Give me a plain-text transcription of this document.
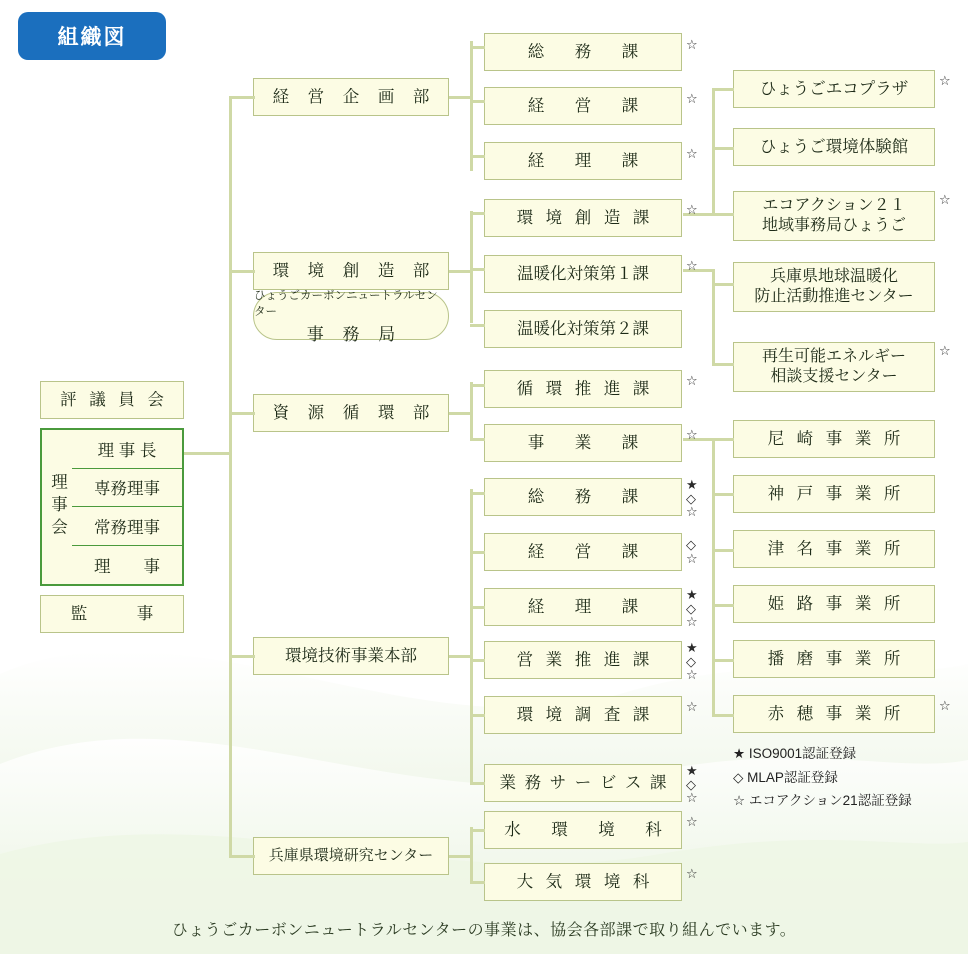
組織図
評 議 員 会
理事会
理 事 長
専務理事
常務理事
理　　事
監　　　事
経 営 企 画 部
環 境 創 造 部
ひょうごカーボンニュートラルセンター
事 務 局
資 源 循 環 部
環境技術事業本部
兵庫県環境研究センター
総　務　課	☆
経　営　課	☆
経　理　課	☆
環 境 創 造 課	☆
温暖化対策第１課	☆
温暖化対策第２課
循 環 推 進 課	☆
事　業　課	☆
総　務　課
★
◇
☆
経　営　課	◇
☆
経　理　課
★
◇
☆
営 業 推 進 課
★
◇
☆
環 境 調 査 課	☆
業 務 サ ー ビ ス 課
★
◇
☆
水　環　境　科	☆
大 気 環 境 科	☆
ひょうごエコプラザ	☆
ひょうご環境体験館
エコアクション２１
地域事務局ひょうご
☆
兵庫県地球温暖化
防止活動推進センター
再生可能エネルギー
相談支援センター
☆
尼 崎 事 業 所
神 戸 事 業 所
津 名 事 業 所
姫 路 事 業 所
播 磨 事 業 所
赤 穂 事 業 所	☆
★ ISO9001認証登録
◇ MLAP認証登録
☆ エコアクション21認証登録
ひょうごカーボンニュートラルセンターの事業は、協会各部課で取り組んでいます。
